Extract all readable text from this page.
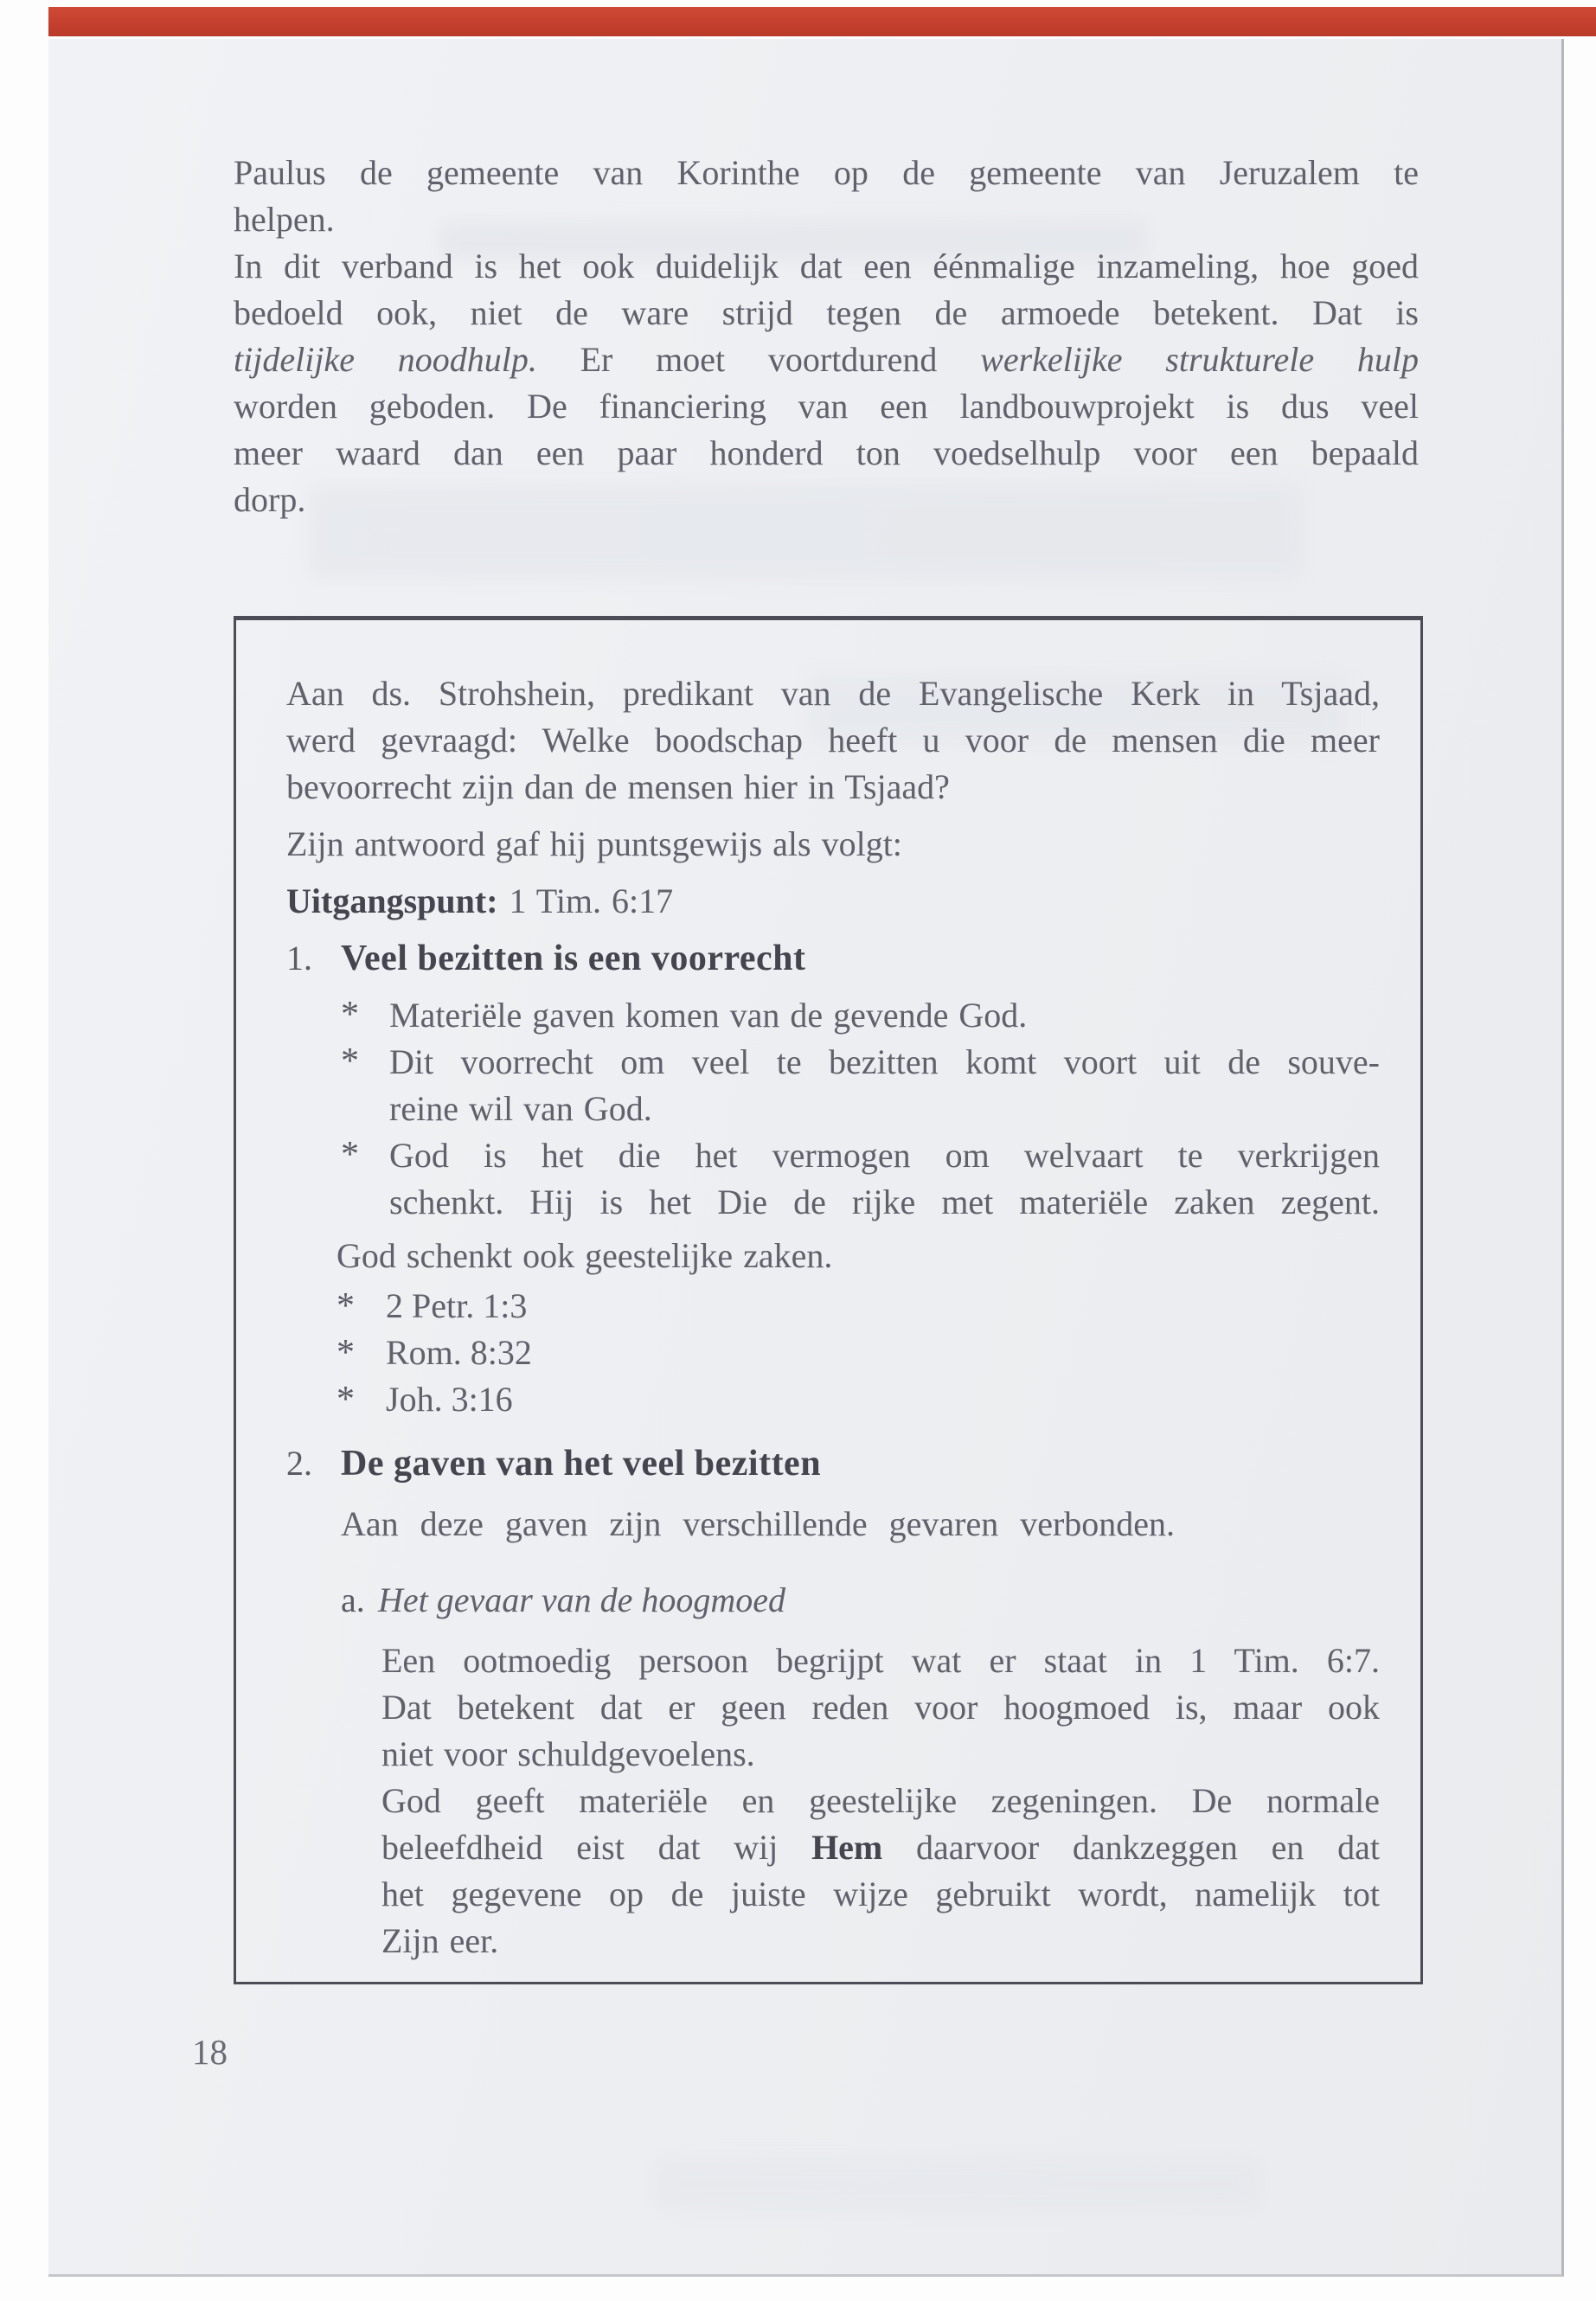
Paulus de gemeente van Korinthe op de gemeente van Jeruzalem te
helpen.
In dit verband is het ook duidelijk dat een éénmalige inzameling, hoe goed
bedoeld ook, niet de ware strijd tegen de armoede betekent. Dat is
tijdelijke noodhulp. Er moet voortdurend werkelijke strukturele hulp
worden geboden. De financiering van een landbouwprojekt is dus veel
meer waard dan een paar honderd ton voedselhulp voor een bepaald
dorp.
Aan ds. Strohshein, predikant van de Evangelische Kerk in Tsjaad,
werd gevraagd: Welke boodschap heeft u voor de mensen die meer
bevoorrecht zijn dan de mensen hier in Tsjaad?
Zijn antwoord gaf hij puntsgewijs als volgt:
Uitgangspunt: 1 Tim. 6:17
1. Veel bezitten is een voorrecht
* Materiële gaven komen van de gevende God.
* Dit voorrecht om veel te bezitten komt voort uit de souve-
reine wil van God.
* God is het die het vermogen om welvaart te verkrijgen
schenkt. Hij is het Die de rijke met materiële zaken zegent.
God schenkt ook geestelijke zaken.
* 2 Petr. 1:3
* Rom. 8:32
* Joh. 3:16
2. De gaven van het veel bezitten
Aan deze gaven zijn verschillende gevaren verbonden.
a. Het gevaar van de hoogmoed
Een ootmoedig persoon begrijpt wat er staat in 1 Tim. 6:7.
Dat betekent dat er geen reden voor hoogmoed is, maar ook
niet voor schuldgevoelens.
God geeft materiële en geestelijke zegeningen. De normale
beleefdheid eist dat wij Hem daarvoor dankzeggen en dat
het gegevene op de juiste wijze gebruikt wordt, namelijk tot
Zijn eer.
18
